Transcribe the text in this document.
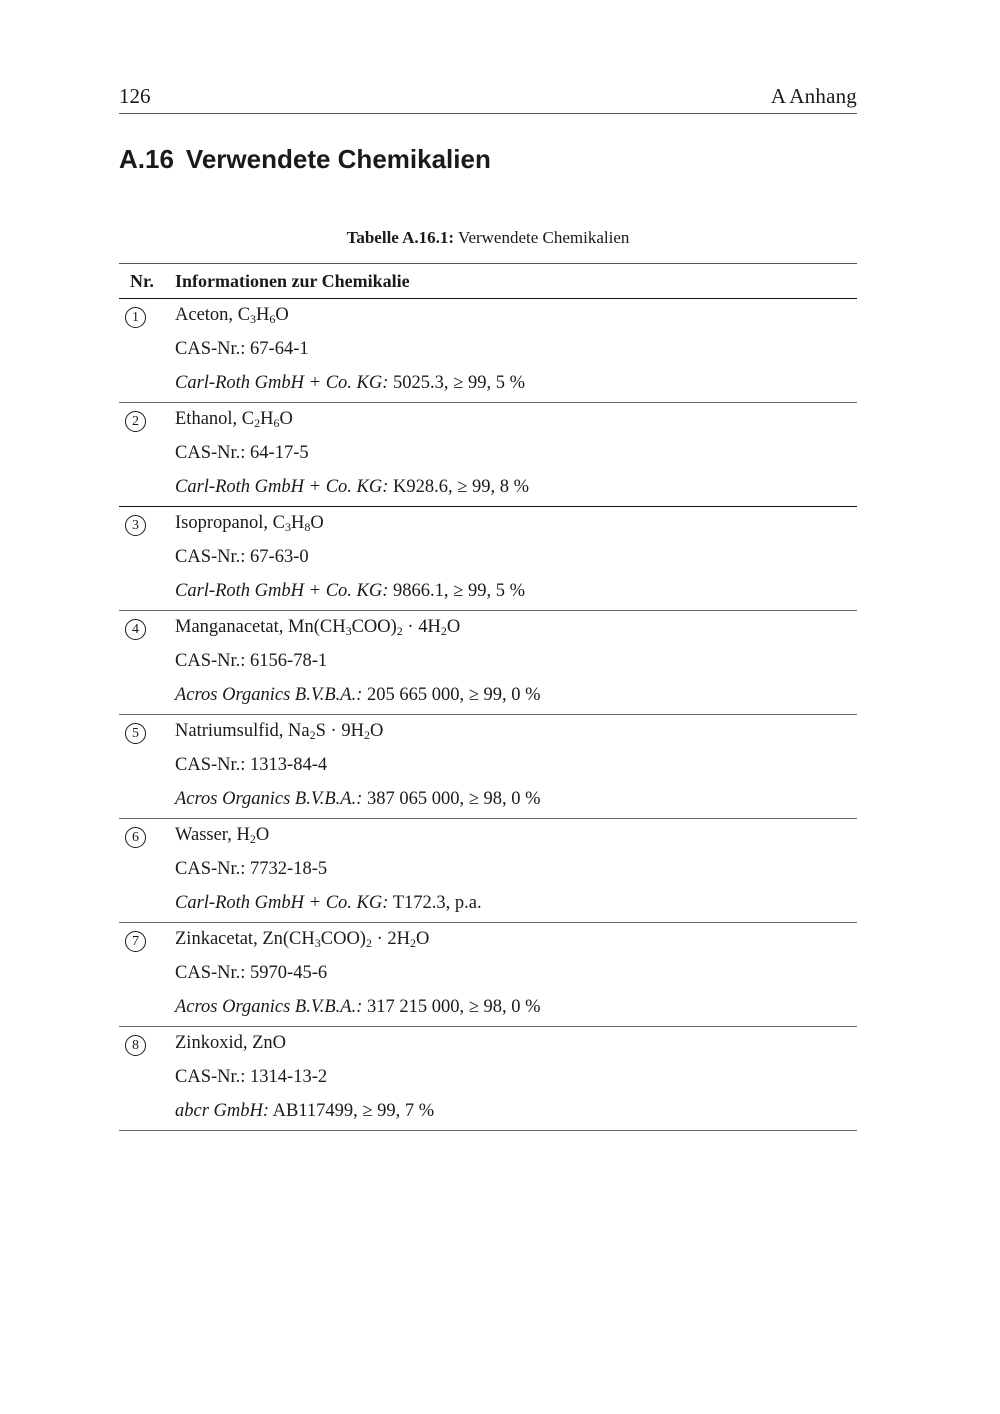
126	A Anhang
A.16 Verwendete Chemikalien
Tabelle A.16.1: Verwendete Chemikalien
Nr. Informationen zur Chemikalie
1	Aceton, $C_3H_6O$
CAS-Nr.: 67-64-1
Carl-Roth GmbH + Co. KG: 5025.3, ≥ 99, 5 %
2	Ethanol, $C_2H_6O$
CAS-Nr.: 64-17-5
Carl-Roth GmbH + Co. KG: K928.6, ≥ 99, 8 %
3	Isopropanol, $C_3H_8O$
CAS-Nr.: 67-63-0
Carl-Roth GmbH + Co. KG: 9866.1, ≥ 99, 5 %
4	Manganacetat, $Mn(CH_3COO)_2 \cdot 4H_2O$
CAS-Nr.: 6156-78-1
Acros Organics B.V.B.A.: 205 665 000, ≥ 99, 0 %
5	Natriumsulfid, $Na_2S \cdot 9H_2O$
CAS-Nr.: 1313-84-4
Acros Organics B.V.B.A.: 387 065 000, ≥ 98, 0 %
6	Wasser, $H_2O$
CAS-Nr.: 7732-18-5
Carl-Roth GmbH + Co. KG: T172.3, p.a.
7	Zinkacetat, $Zn(CH_3COO)_2 \cdot 2H_2O$
CAS-Nr.: 5970-45-6
Acros Organics B.V.B.A.: 317 215 000, ≥ 98, 0 %
8	Zinkoxid, ZnO
CAS-Nr.: 1314-13-2
abcr GmbH: AB117499, ≥ 99, 7 %
